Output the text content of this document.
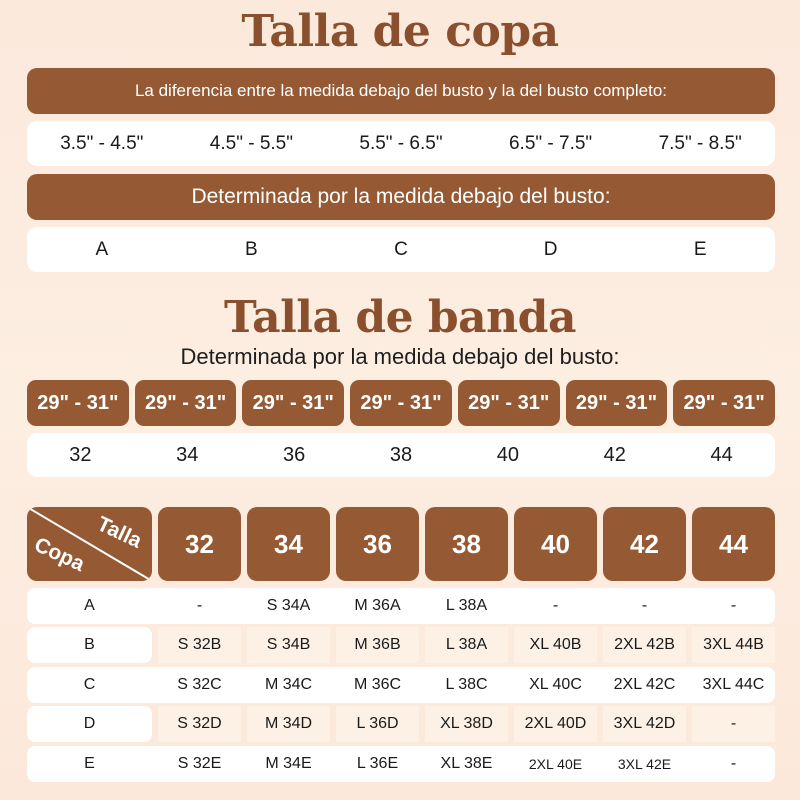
Talla de copa
La diferencia entre la medida debajo del busto y la del busto completo:
3.5" - 4.5"	4.5" - 5.5"	5.5" - 6.5"	6.5" - 7.5"	7.5" - 8.5"
Determinada por la medida debajo del busto:
A	B	C	D	E
Talla de banda
Determinada por la medida debajo del busto:
29" - 31"	29" - 31"	29" - 31"	29" - 31"	29" - 31"	29" - 31"	29" - 31"
32	34	36	38	40	42	44
Talla
Copa	32	34	36	38	40	42	44
A	-	S 34A	M 36A	L 38A	-	-	-
B	S 32B	S 34B	M 36B	L 38A	XL 40B	2XL 42B	3XL 44B
C	S 32C	M 34C	M 36C	L 38C	XL 40C	2XL 42C	3XL 44C
D	S 32D	M 34D	L 36D	XL 38D	2XL 40D	3XL 42D	-
E	S 32E	M 34E	L 36E	XL 38E	2XL 40E	3XL 42E	-
